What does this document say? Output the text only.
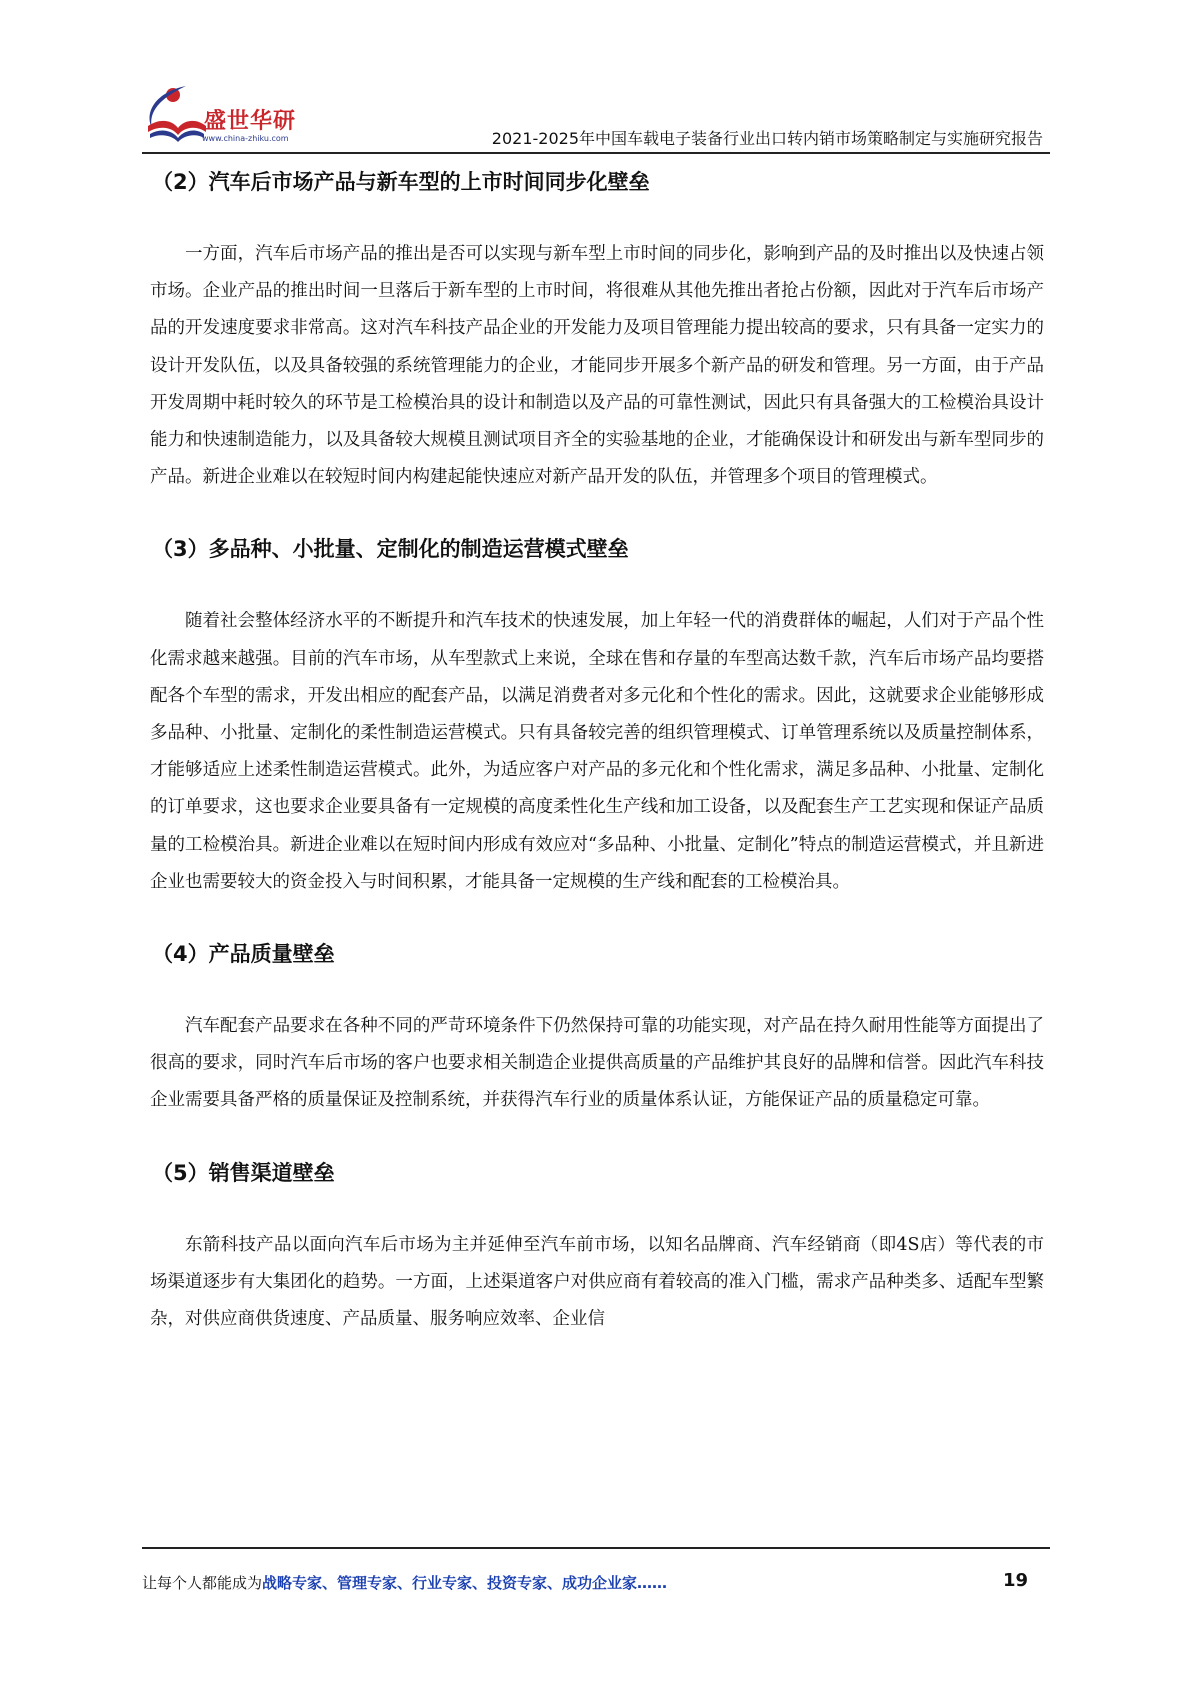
盛世华研
www.china-zhiku.com	2021-2025年中国车载电子装备行业出口转内销市场策略制定与实施研究报告
（2）汽车后市场产品与新车型的上市时间同步化壁垒

一方面，汽车后市场产品的推出是否可以实现与新车型上市时间的同步化，影响到产品的及时推出以及快速占领市场。企业产品的推出时间一旦落后于新车型的上市时间，将很难从其他先推出者抢占份额，因此对于汽车后市场产品的开发速度要求非常高。这对汽车科技产品企业的开发能力及项目管理能力提出较高的要求，只有具备一定实力的设计开发队伍，以及具备较强的系统管理能力的企业，才能同步开展多个新产品的研发和管理。另一方面，由于产品开发周期中耗时较久的环节是工检模治具的设计和制造以及产品的可靠性测试，因此只有具备强大的工检模治具设计能力和快速制造能力，以及具备较大规模且测试项目齐全的实验基地的企业，才能确保设计和研发出与新车型同步的产品。新进企业难以在较短时间内构建起能快速应对新产品开发的队伍，并管理多个项目的管理模式。

（3）多品种、小批量、定制化的制造运营模式壁垒

随着社会整体经济水平的不断提升和汽车技术的快速发展，加上年轻一代的消费群体的崛起，人们对于产品个性化需求越来越强。目前的汽车市场，从车型款式上来说，全球在售和存量的车型高达数千款，汽车后市场产品均要搭配各个车型的需求，开发出相应的配套产品，以满足消费者对多元化和个性化的需求。因此，这就要求企业能够形成多品种、小批量、定制化的柔性制造运营模式。只有具备较完善的组织管理模式、订单管理系统以及质量控制体系，才能够适应上述柔性制造运营模式。此外，为适应客户对产品的多元化和个性化需求，满足多品种、小批量、定制化的订单要求，这也要求企业要具备有一定规模的高度柔性化生产线和加工设备，以及配套生产工艺实现和保证产品质量的工检模治具。新进企业难以在短时间内形成有效应对“多品种、小批量、定制化”特点的制造运营模式，并且新进企业也需要较大的资金投入与时间积累，才能具备一定规模的生产线和配套的工检模治具。

（4）产品质量壁垒

汽车配套产品要求在各种不同的严苛环境条件下仍然保持可靠的功能实现，对产品在持久耐用性能等方面提出了很高的要求，同时汽车后市场的客户也要求相关制造企业提供高质量的产品维护其良好的品牌和信誉。因此汽车科技企业需要具备严格的质量保证及控制系统，并获得汽车行业的质量体系认证，方能保证产品的质量稳定可靠。

（5）销售渠道壁垒

东箭科技产品以面向汽车后市场为主并延伸至汽车前市场，以知名品牌商、汽车经销商（即4S店）等代表的市场渠道逐步有大集团化的趋势。一方面，上述渠道客户对供应商有着较高的准入门槛，需求产品种类多、适配车型繁杂，对供应商供货速度、产品质量、服务响应效率、企业信

让每个人都能成为战略专家、管理专家、行业专家、投资专家、成功企业家……	19
